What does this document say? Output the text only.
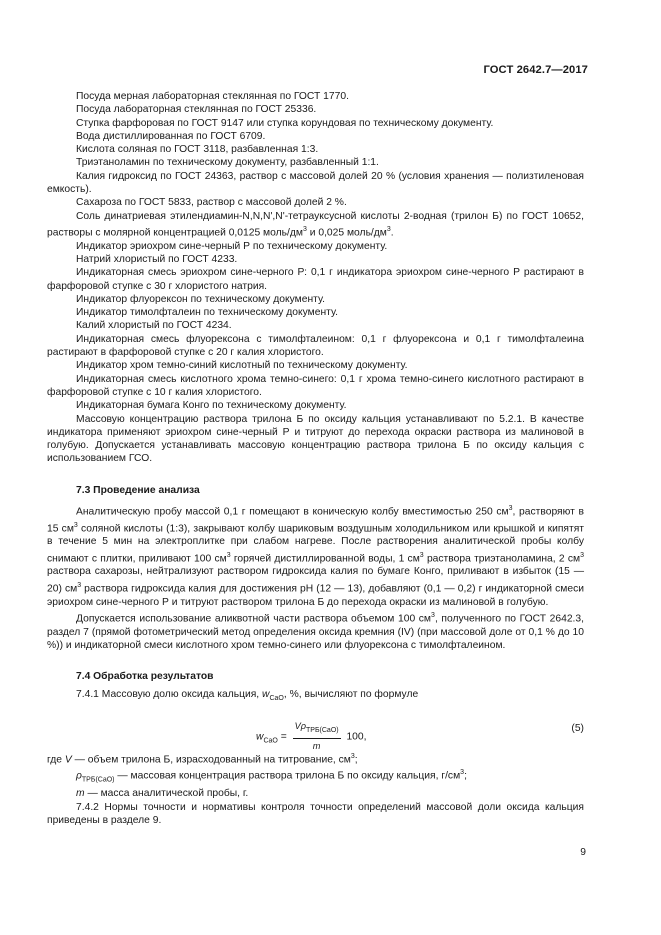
ГОСТ 2642.7—2017

Посуда мерная лабораторная стеклянная по ГОСТ 1770.

Посуда лабораторная стеклянная по ГОСТ 25336.

Ступка фарфоровая по ГОСТ 9147 или ступка корундовая по техническому документу.

Вода дистиллированная по ГОСТ 6709.

Кислота соляная по ГОСТ 3118, разбавленная 1:3.

Триэтаноламин по техническому документу, разбавленный 1:1.

Калия гидроксид по ГОСТ 24363, раствор с массовой долей 20 % (условия хранения — полизтиленовая емкость).

Сахароза по ГОСТ 5833, раствор с массовой долей 2 %.

Соль динатриевая этилендиамин-N,N,N',N'-тетрауксусной кислоты 2-водная (трилон Б) по ГОСТ 10652, растворы с молярной концентрацией 0,0125 моль/$дм^3$ и 0,025 моль/$дм^3$.

Индикатор эриохром сине-черный Р по техническому документу.

Натрий хлористый по ГОСТ 4233.

Индикаторная смесь эриохром сине-черного Р: 0,1 г индикатора эриохром сине-черного Р растирают в фарфоровой ступке с 30 г хлористого натрия.

Индикатор флуорексон по техническому документу.

Индикатор тимолфталеин по техническому документу.

Калий хлористый по ГОСТ 4234.

Индикаторная смесь флуорексона с тимолфталеином: 0,1 г флуорексона и 0,1 г тимолфталеина растирают в фарфоровой ступке с 20 г калия хлористого.

Индикатор хром темно-синий кислотный по техническому документу.

Индикаторная смесь кислотного хрома темно-синего: 0,1 г хрома темно-синего кислотного растирают в фарфоровой ступке с 10 г калия хлористого.

Индикаторная бумага Конго по техническому документу.

Массовую концентрацию раствора трилона Б по оксиду кальция устанавливают по 5.2.1. В качестве индикатора применяют эриохром сине-черный Р и титруют до перехода окраски раствора из малиновой в голубую. Допускается устанавливать массовую концентрацию раствора трилона Б по оксиду кальция с использованием ГСО.

7.3 Проведение анализа

Аналитическую пробу массой 0,1 г помещают в коническую колбу вместимостью 250 $см^3$, растворяют в 15 $см^3$ соляной кислоты (1:3), закрывают колбу шариковым воздушным холодильником или крышкой и кипятят в течение 5 мин на электроплитке при слабом нагреве. После растворения аналитической пробы колбу снимают с плитки, приливают 100 $см^3$ горячей дистиллированной воды, 1 $см^3$ раствора триэтаноламина, 2 $см^3$ раствора сахарозы, нейтрализуют раствором гидроксида калия по бумаге Конго, приливают в избыток (15 — 20) $см^3$ раствора гидроксида калия для достижения рН (12 — 13), добавляют (0,1 — 0,2) г индикаторной смеси эриохром сине-черного Р и титруют раствором трилона Б до перехода окраски из малиновой в голубую.

Допускается использование аликвотной части раствора объемом 100 $см^3$, полученного по ГОСТ 2642.3, раздел 7 (прямой фотометрический метод определения оксида кремния (IV) (при массовой доле от 0,1 % до 10 %)) и индикаторной смеси кислотного хром темно-синего или флуорексона с тимолфталеином.

7.4 Обработка результатов

7.4.1 Массовую долю оксида кальция, $w_{CaO}$, %, вычисляют по формуле

$w_{CaO} = \frac{V\rho_{ТРБ(CaO)}}{m} 100$,
(5)

где V — объем трилона Б, израсходованный на титрование, $см^3$;

$\rho_{ТРБ(CaO)}$ — массовая концентрация раствора трилона Б по оксиду кальция, $г/см^3$;

m — масса аналитической пробы, г.

7.4.2 Нормы точности и нормативы контроля точности определений массовой доли оксида кальция приведены в разделе 9.

9
